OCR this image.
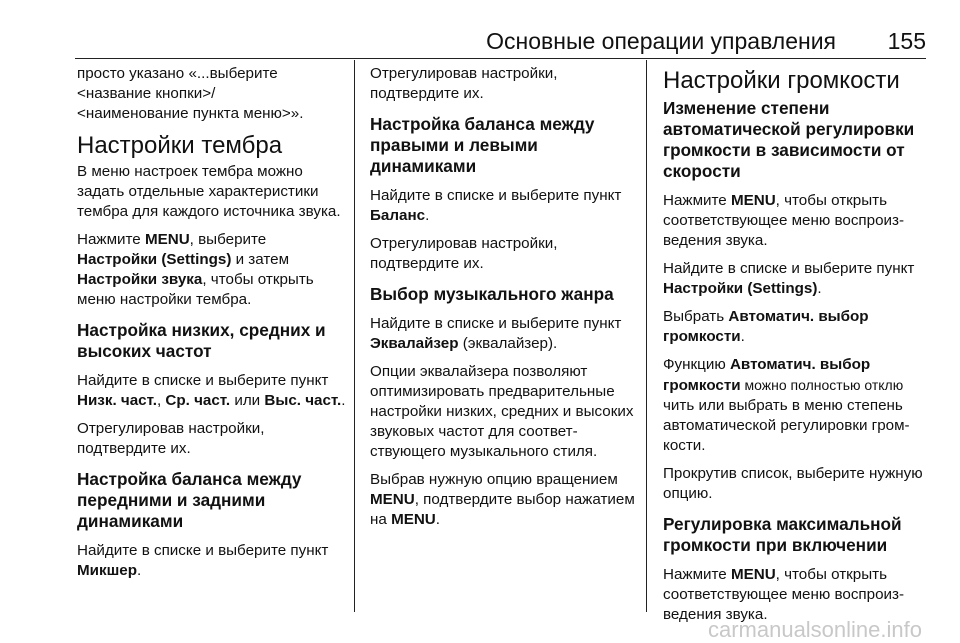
Основные операции управления 155

просто указано «...выберите
<название кнопки>/
<наименование пункта меню>».

Настройки тембра

В меню настроек тембра можно задать отдельные характеристики тембра для каждого источника звука.

Нажмите MENU, выберите Настройки (Settings) и затем Настройки звука, чтобы открыть меню настройки тембра.

Настройка низких, средних и высоких частот

Найдите в списке и выберите пункт Низк. част., Ср. част. или Выс. част..

Отрегулировав настройки, подтвердите их.

Настройка баланса между передними и задними динамиками

Найдите в списке и выберите пункт Микшер.

Отрегулировав настройки, подтвердите их.

Настройка баланса между правыми и левыми динамиками

Найдите в списке и выберите пункт Баланс.

Отрегулировав настройки, подтвердите их.

Выбор музыкального жанра

Найдите в списке и выберите пункт Эквалайзер (эквалайзер).

Опции эквалайзера позволяют оптимизировать предварительные настройки низких, средних и высоких звуковых частот для соответствующего музыкального стиля.

Выбрав нужную опцию вращением MENU, подтвердите выбор нажатием на MENU.

Настройки громкости
Изменение степени автоматической регулировки громкости в зависимости от скорости

Нажмите MENU, чтобы открыть соответствующее меню воспроизведения звука.

Найдите в списке и выберите пункт Настройки (Settings).

Выбрать Автоматич. выбор громкости.

Функцию Автоматич. выбор громкости можно полностью отклю чить или выбрать в меню степень автоматической регулировки громкости.

Прокрутив список, выберите нужную опцию.

Регулировка максимальной громкости при включении

Нажмите MENU, чтобы открыть соответствующее меню воспроизведения звука.

carmanualsonline.info
